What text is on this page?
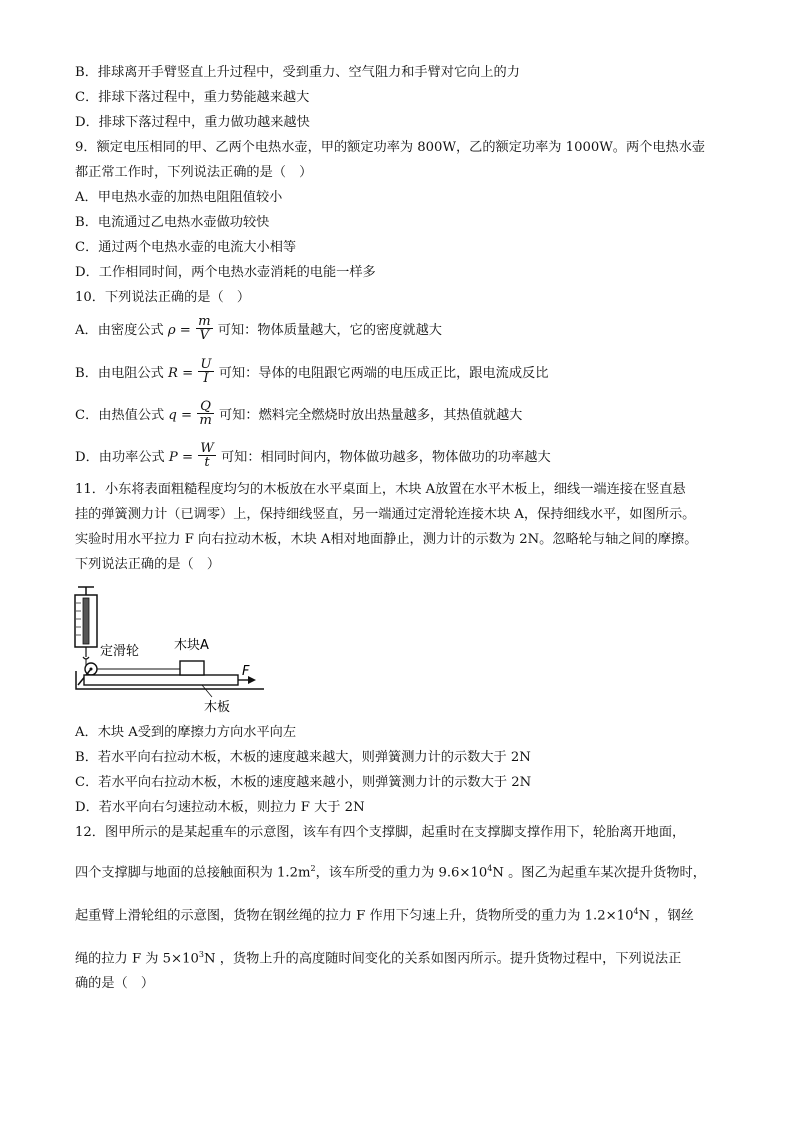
B．排球离开手臂竖直上升过程中，受到重力、空气阻力和手臂对它向上的力
C．排球下落过程中，重力势能越来越大
D．排球下落过程中，重力做功越来越快
9．额定电压相同的甲、乙两个电热水壶，甲的额定功率为 800W，乙的额定功率为 1000W。两个电热水壶
都正常工作时，下列说法正确的是（　）
A．甲电热水壶的加热电阻阻值较小
B．电流通过乙电热水壶做功较快
C．通过两个电热水壶的电流大小相等
D．工作相同时间，两个电热水壶消耗的电能一样多
10．下列说法正确的是（　）
A．由密度公式 $\rho = \frac{m}{V}$ 可知：物体质量越大，它的密度就越大
B．由电阻公式 $R = \frac{U}{I}$ 可知：导体的电阻跟它两端的电压成正比，跟电流成反比
C．由热值公式 $q = \frac{Q}{m}$ 可知：燃料完全燃烧时放出热量越多，其热值就越大
D．由功率公式 $P = \frac{W}{t}$ 可知：相同时间内，物体做功越多，物体做功的功率越大
11．小东将表面粗糙程度均匀的木板放在水平桌面上，木块 A放置在水平木板上，细线一端连接在竖直悬
挂的弹簧测力计（已调零）上，保持细线竖直，另一端通过定滑轮连接木块 A，保持细线水平，如图所示。
实验时用水平拉力 F 向右拉动木板，木块 A相对地面静止，测力计的示数为 2N。忽略轮与轴之间的摩擦。
下列说法正确的是（　）
定滑轮	木块A
F
木板
A．木块 A受到的摩擦力方向水平向左
B．若水平向右拉动木板，木板的速度越来越大，则弹簧测力计的示数大于 2N
C．若水平向右拉动木板，木板的速度越来越小，则弹簧测力计的示数大于 2N
D．若水平向右匀速拉动木板，则拉力 F 大于 2N
12．图甲所示的是某起重车的示意图，该车有四个支撑脚，起重时在支撑脚支撑作用下，轮胎离开地面，
四个支撑脚与地面的总接触面积为 $1.2m^2$，该车所受的重力为 $9.6\times 10^4N$ 。图乙为起重车某次提升货物时，
起重臂上滑轮组的示意图，货物在钢丝绳的拉力 F 作用下匀速上升，货物所受的重力为 $1.2\times 10^4N$ ，钢丝
绳的拉力 F 为 $5\times 10^3N$ ，货物上升的高度随时间变化的关系如图丙所示。提升货物过程中，下列说法正
确的是（　）
